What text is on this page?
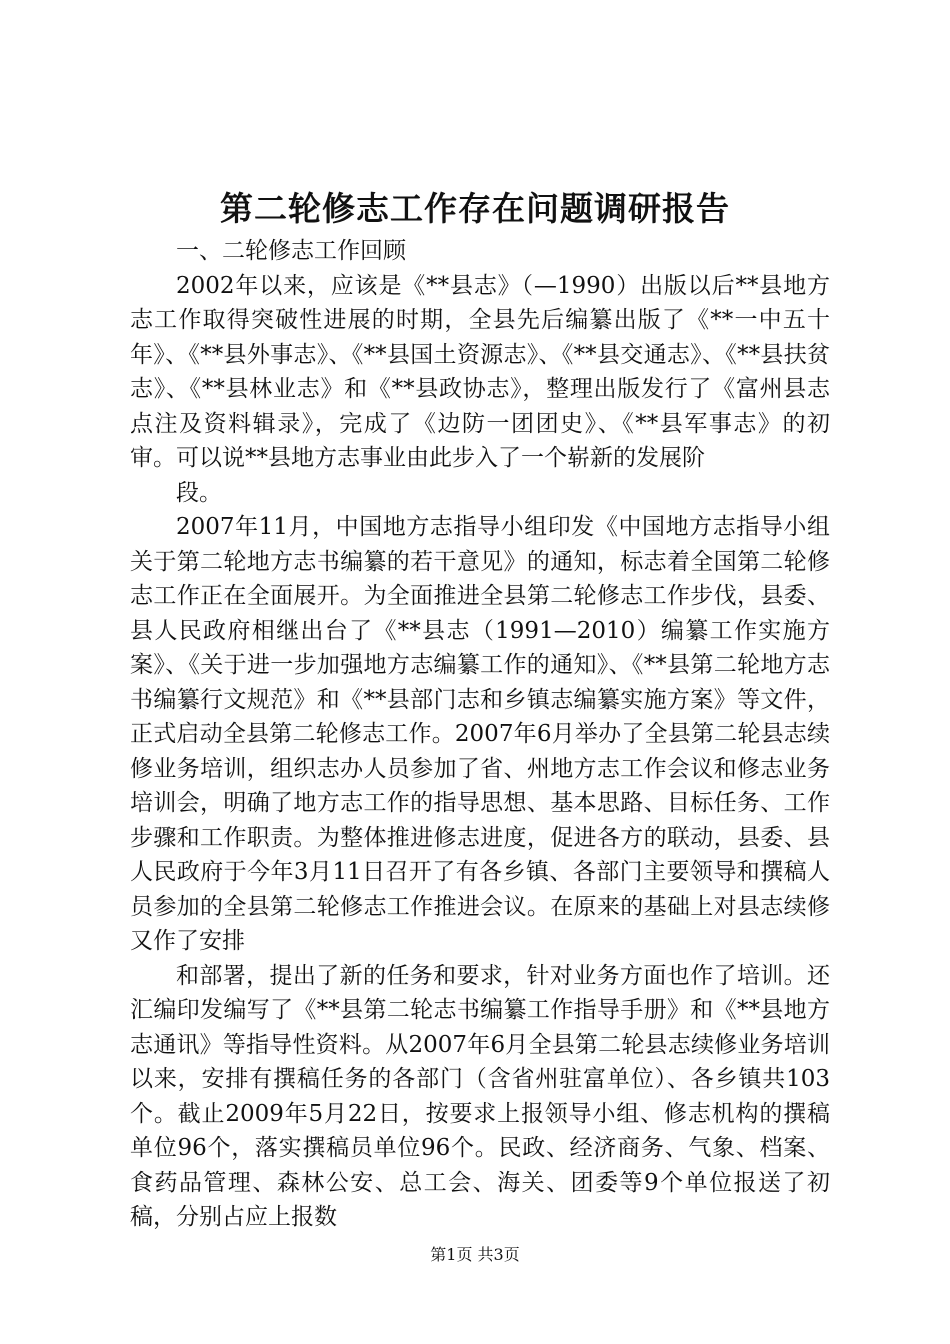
第二轮修志工作存在问题调研报告

一、二轮修志工作回顾

2002年以来，应该是《**县志》（—1990）出版以后**县地方志工作取得突破性进展的时期，全县先后编纂出版了《**一中五十年》、《**县外事志》、《**县国土资源志》、《**县交通志》、《**县扶贫志》、《**县林业志》和《**县政协志》，整理出版发行了《富州县志点注及资料辑录》，完成了《边防一团团史》、《**县军事志》的初审。可以说**县地方志事业由此步入了一个崭新的发展阶

段。

2007年11月，中国地方志指导小组印发《中国地方志指导小组关于第二轮地方志书编纂的若干意见》的通知，标志着全国第二轮修志工作正在全面展开。为全面推进全县第二轮修志工作步伐，县委、县人民政府相继出台了《**县志（1991—2010）编纂工作实施方案》、《关于进一步加强地方志编纂工作的通知》、《**县第二轮地方志书编纂行文规范》和《**县部门志和乡镇志编纂实施方案》等文件，正式启动全县第二轮修志工作。2007年6月举办了全县第二轮县志续修业务培训，组织志办人员参加了省、州地方志工作会议和修志业务培训会，明确了地方志工作的指导思想、基本思路、目标任务、工作步骤和工作职责。为整体推进修志进度，促进各方的联动，县委、县人民政府于今年3月11日召开了有各乡镇、各部门主要领导和撰稿人员参加的全县第二轮修志工作推进会议。在原来的基础上对县志续修又作了安排

和部署，提出了新的任务和要求，针对业务方面也作了培训。还汇编印发编写了《**县第二轮志书编纂工作指导手册》和《**县地方志通讯》等指导性资料。从2007年6月全县第二轮县志续修业务培训以来，安排有撰稿任务的各部门（含省州驻富单位）、各乡镇共103个。截止2009年5月22日，按要求上报领导小组、修志机构的撰稿单位96个，落实撰稿员单位96个。民政、经济商务、气象、档案、食药品管理、森林公安、总工会、海关、团委等9个单位报送了初稿，分别占应上报数

第1页 共3页
